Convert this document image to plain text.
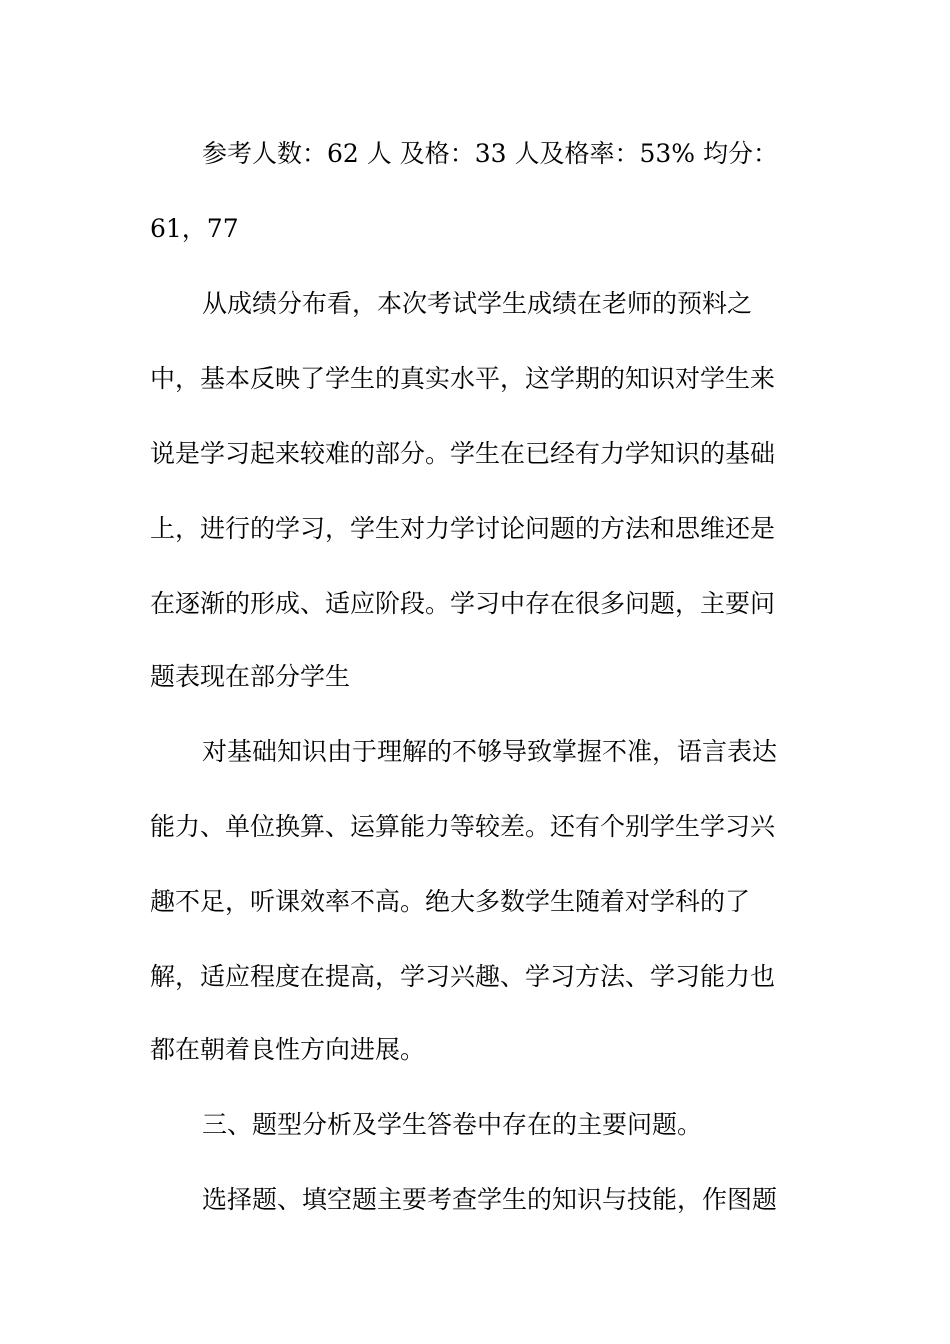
参考人数：62 人 及格：33 人及格率：53% 均分：

61，77

从成绩分布看，本次考试学生成绩在老师的预料之

中，基本反映了学生的真实水平，这学期的知识对学生来

说是学习起来较难的部分。学生在已经有力学知识的基础

上，进行的学习，学生对力学讨论问题的方法和思维还是

在逐渐的形成、适应阶段。学习中存在很多问题，主要问

题表现在部分学生

对基础知识由于理解的不够导致掌握不准，语言表达

能力、单位换算、运算能力等较差。还有个别学生学习兴

趣不足，听课效率不高。绝大多数学生随着对学科的了

解，适应程度在提高，学习兴趣、学习方法、学习能力也

都在朝着良性方向进展。

三、题型分析及学生答卷中存在的主要问题。

选择题、填空题主要考查学生的知识与技能，作图题
